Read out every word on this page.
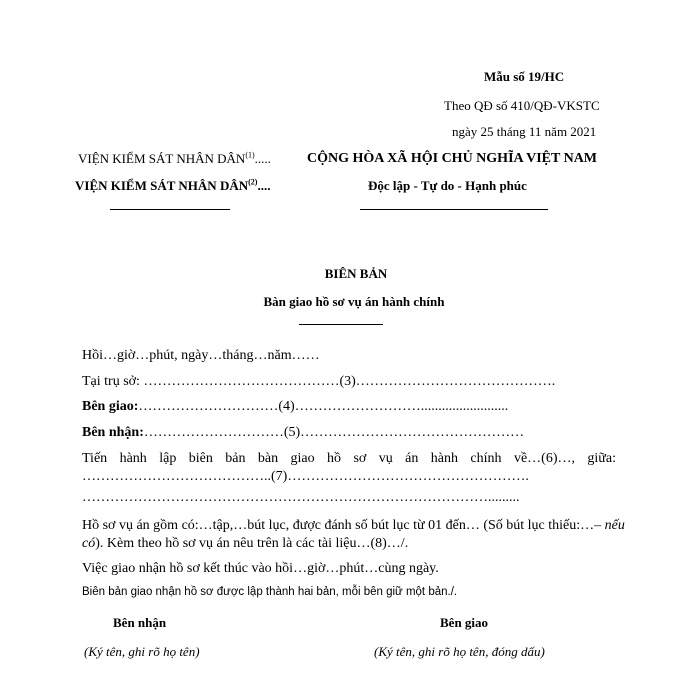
Mẫu số 19/HC
Theo QĐ số 410/QĐ-VKSTC
ngày 25 tháng 11 năm 2021
VIỆN KIỂM SÁT NHÂN DÂN$^{(1)}$.....
VIỆN KIỂM SÁT NHÂN DÂN$^{(2)}$....
CỘNG HÒA XÃ HỘI CHỦ NGHĨA VIỆT NAM
Độc lập - Tự do - Hạnh phúc
BIÊN BẢN
Bàn giao hồ sơ vụ án hành chính
Hồi…giờ…phút, ngày…tháng…năm……
Tại trụ sở: ……………………………………(3)…………………………………….
Bên giao:…………………………(4)……………………….........................
Bên nhận:…………………………(5)…………………………………………
Tiến hành lập biên bản bàn giao hồ sơ vụ án hành chính về…(6)…, giữa:
…………………………………..(7)…………………………………………….
…………………………………………………………………………….........
Hồ sơ vụ án gồm có:…tập,…bút lục, được đánh số bút lục từ 01 đến… (Số bút lục thiếu:…– nếu
có). Kèm theo hồ sơ vụ án nêu trên là các tài liệu…(8)…/.
Việc giao nhận hồ sơ kết thúc vào hồi…giờ…phút…cùng ngày.
Biên bản giao nhận hồ sơ được lập thành hai bản, mỗi bên giữ một bản./.
Bên nhận
(Ký tên, ghi rõ họ tên)
Bên giao
(Ký tên, ghi rõ họ tên, đóng dấu)
